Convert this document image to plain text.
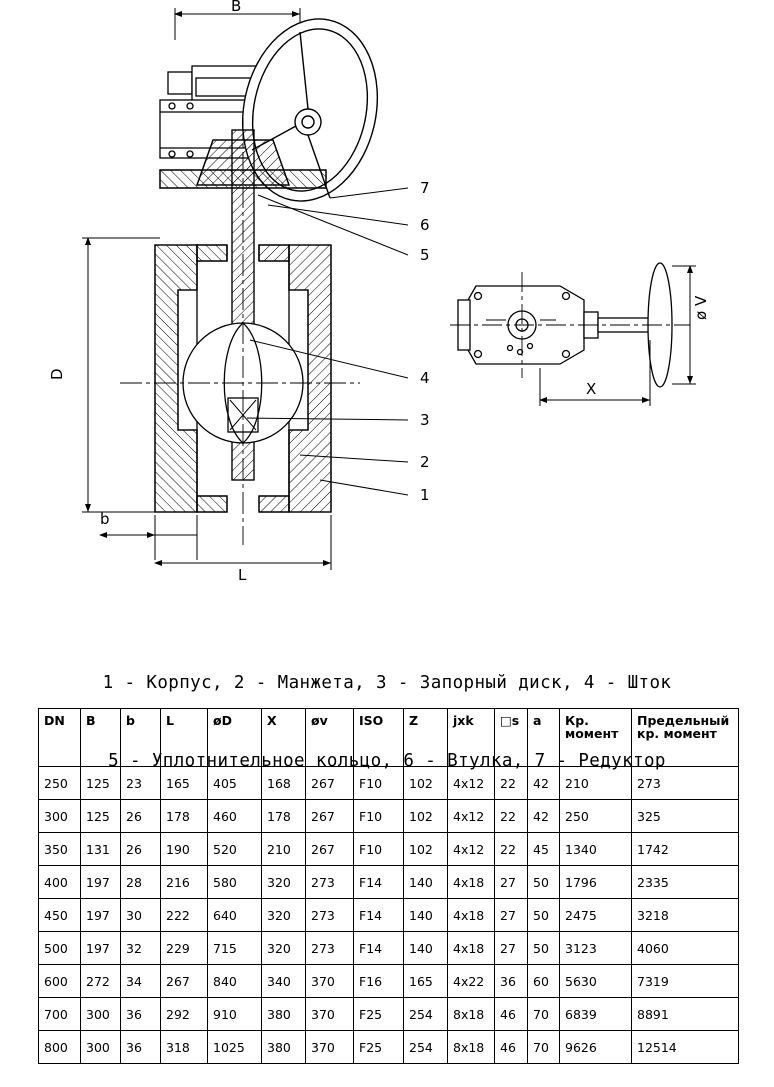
B
D
b
L
ø V
X
7
6
5
4
3
2
1

1 - Корпус, 2 - Манжета, 3 - Запорный диск, 4 - Шток

5 - Уплотнительное кольцо, 6 - Втулка, 7 - Редуктор

DN	B	b	L	øD	X	øv	ISO	Z	jxk	□s	a	Кр. момент	Предельный кр. момент
250	125	23	165	405	168	267	F10	102	4x12	22	42	210	273
300	125	26	178	460	178	267	F10	102	4x12	22	42	250	325
350	131	26	190	520	210	267	F10	102	4x12	22	45	1340	1742
400	197	28	216	580	320	273	F14	140	4x18	27	50	1796	2335
450	197	30	222	640	320	273	F14	140	4x18	27	50	2475	3218
500	197	32	229	715	320	273	F14	140	4x18	27	50	3123	4060
600	272	34	267	840	340	370	F16	165	4x22	36	60	5630	7319
700	300	36	292	910	380	370	F25	254	8x18	46	70	6839	8891
800	300	36	318	1025	380	370	F25	254	8x18	46	70	9626	12514
